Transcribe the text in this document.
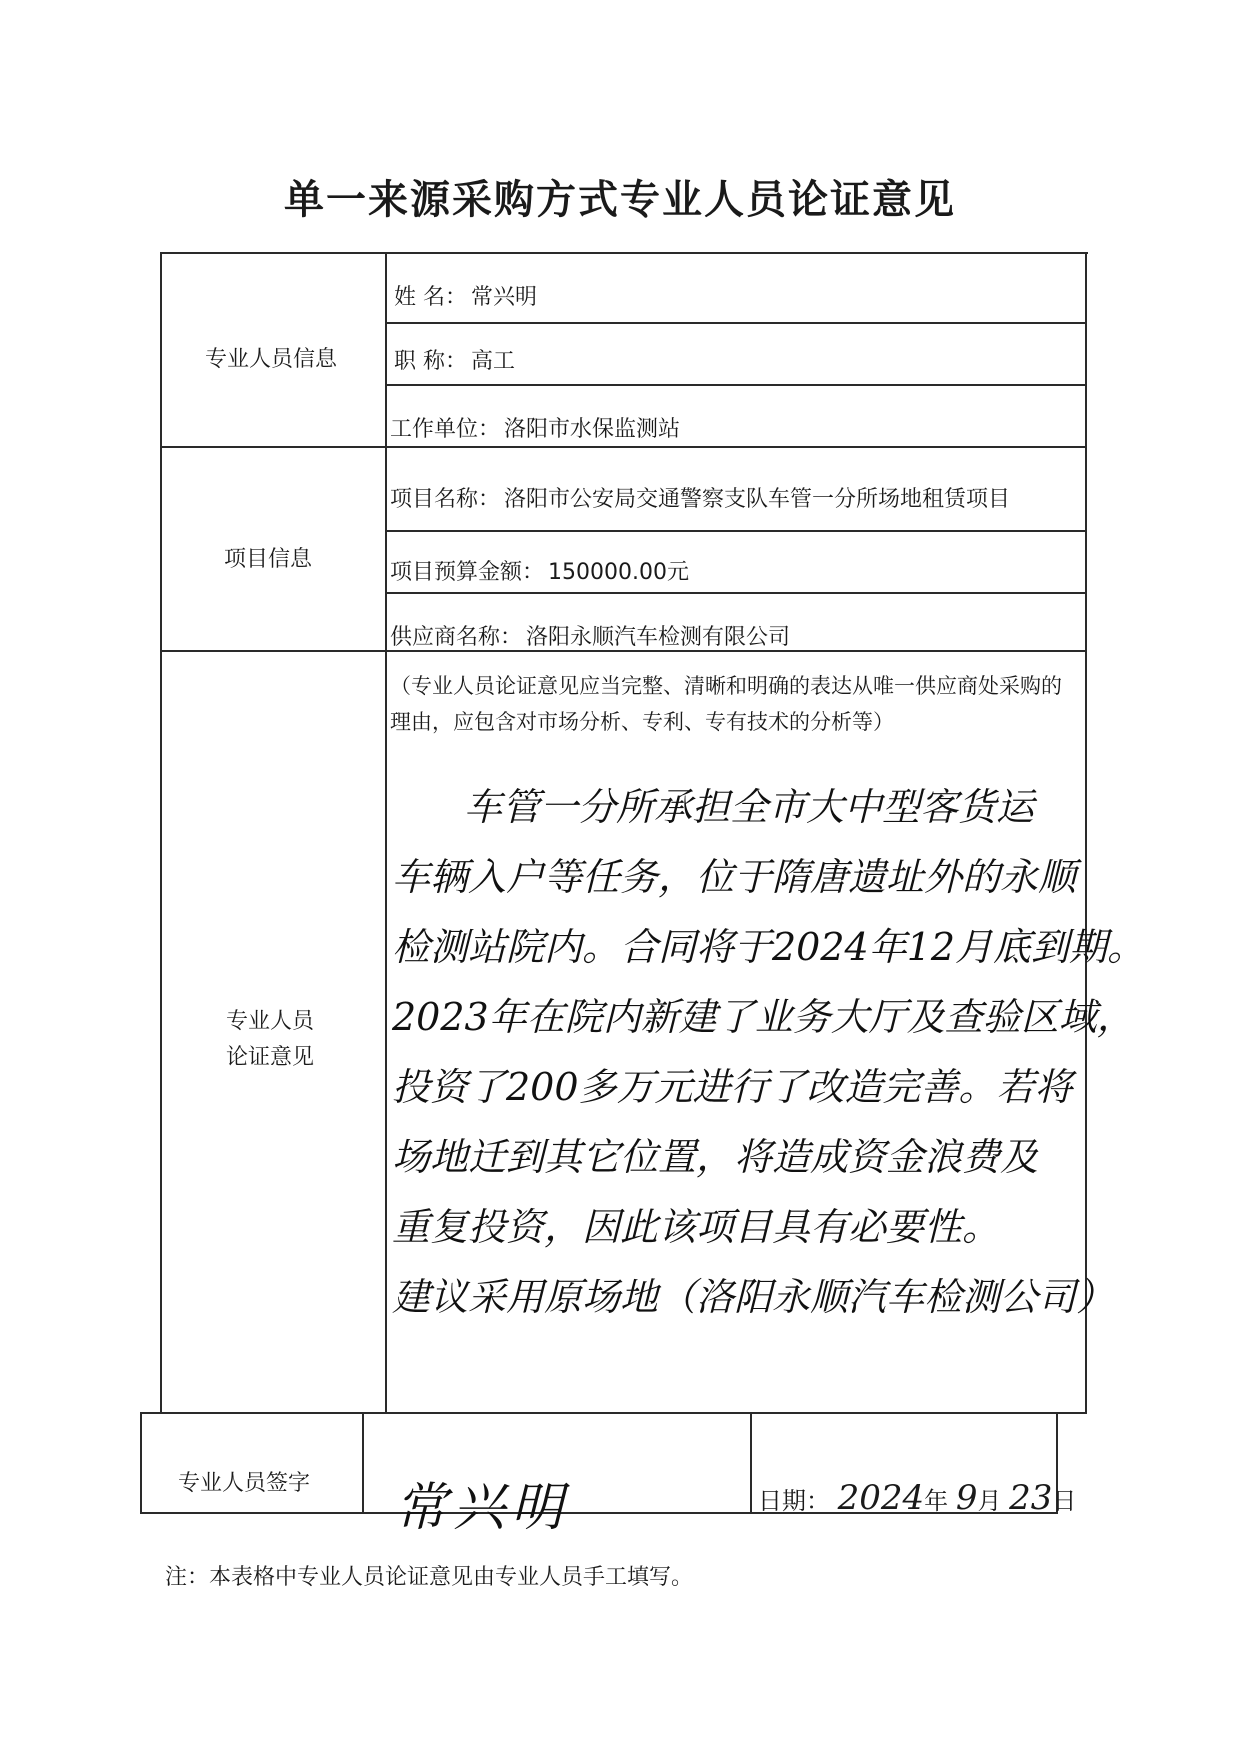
单一来源采购方式专业人员论证意见
专业人员信息
项目信息
专业人员
论证意见
专业人员签字
姓 名： 常兴明
职 称： 高工
工作单位： 洛阳市水保监测站
项目名称： 洛阳市公安局交通警察支队车管一分所场地租赁项目
项目预算金额： 150000.00元
供应商名称： 洛阳永顺汽车检测有限公司
（专业人员论证意见应当完整、清晰和明确的表达从唯一供应商处采购的理由，应包含对市场分析、专利、专有技术的分析等）
车管一分所承担全市大中型客货运
车辆入户等任务，位于隋唐遗址外的永顺
检测站院内。合同将于2024年12月底到期。
2023年在院内新建了业务大厅及查验区域，
投资了200多万元进行了改造完善。若将
场地迁到其它位置，将造成资金浪费及
重复投资，因此该项目具有必要性。
建议采用原场地（洛阳永顺汽车检测公司）
常兴明	日期： 2024年 9月 23日
注：本表格中专业人员论证意见由专业人员手工填写。
